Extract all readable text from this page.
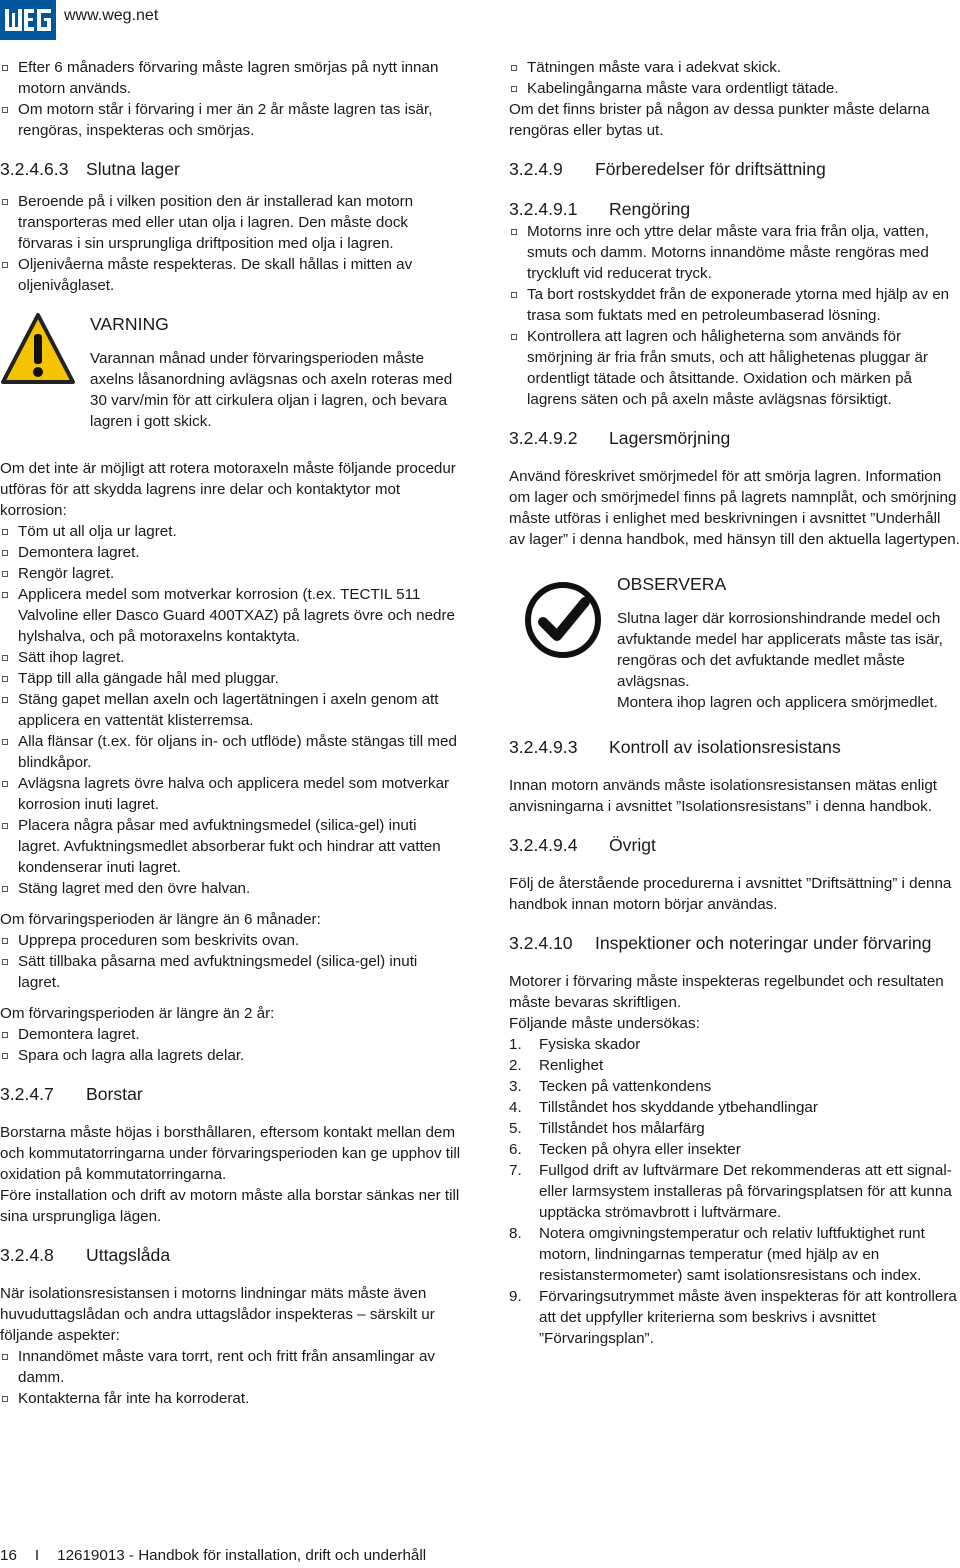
www.weg.net
Efter 6 månaders förvaring måste lagren smörjas på nytt innan motorn används.
Om motorn står i förvaring i mer än 2 år måste lagren tas isär, rengöras, inspekteras och smörjas.
3.2.4.6.3 Slutna lager
Beroende på i vilken position den är installerad kan motorn transporteras med eller utan olja i lagren. Den måste dock förvaras i sin ursprungliga driftposition med olja i lagren.
Oljenivåerna måste respekteras. De skall hållas i mitten av oljenivåglaset.
VARNING

Varannan månad under förvaringsperioden måste axelns låsanordning avlägsnas och axeln roteras med 30 varv/min för att cirkulera oljan i lagren, och bevara lagren i gott skick.

Om det inte är möjligt att rotera motoraxeln måste följande procedur utföras för att skydda lagrens inre delar och kontaktytor mot korrosion:

Töm ut all olja ur lagret.
Demontera lagret.
Rengör lagret.
Applicera medel som motverkar korrosion (t.ex. TECTIL 511 Valvoline eller Dasco Guard 400TXAZ) på lagrets övre och nedre hylshalva, och på motoraxelns kontaktyta.
Sätt ihop lagret.
Täpp till alla gängade hål med pluggar.
Stäng gapet mellan axeln och lagertätningen i axeln genom att applicera en vattentät klisterremsa.
Alla flänsar (t.ex. för oljans in- och utflöde) måste stängas till med blindkåpor.
Avlägsna lagrets övre halva och applicera medel som motverkar korrosion inuti lagret.
Placera några påsar med avfuktningsmedel (silica-gel) inuti lagret. Avfuktningsmedlet absorberar fukt och hindrar att vatten kondenserar inuti lagret.
Stäng lagret med den övre halvan.

Om förvaringsperioden är längre än 6 månader:

Upprepa proceduren som beskrivits ovan.
Sätt tillbaka påsarna med avfuktningsmedel (silica-gel) inuti lagret.

Om förvaringsperioden är längre än 2 år:

Demontera lagret.
Spara och lagra alla lagrets delar.
3.2.4.7 Borstar

Borstarna måste höjas i borsthållaren, eftersom kontakt mellan dem och kommutatorringarna under förvaringsperioden kan ge upphov till oxidation på kommutatorringarna.

Före installation och drift av motorn måste alla borstar sänkas ner till sina ursprungliga lägen.

3.2.4.8 Uttagslåda

När isolationsresistansen i motorns lindningar mäts måste även huvuduttagslådan och andra uttagslådor inspekteras – särskilt ur följande aspekter:

Innandömet måste vara torrt, rent och fritt från ansamlingar av damm.
Kontakterna får inte ha korroderat.
Tätningen måste vara i adekvat skick.
Kabelingångarna måste vara ordentligt tätade.

Om det finns brister på någon av dessa punkter måste delarna rengöras eller bytas ut.

3.2.4.9 Förberedelser för driftsättning
3.2.4.9.1 Rengöring
Motorns inre och yttre delar måste vara fria från olja, vatten, smuts och damm. Motorns innandöme måste rengöras med tryckluft vid reducerat tryck.
Ta bort rostskyddet från de exponerade ytorna med hjälp av en trasa som fuktats med en petroleumbaserad lösning.
Kontrollera att lagren och håligheterna som används för smörjning är fria från smuts, och att hålighetenas pluggar är ordentligt tätade och åtsittande. Oxidation och märken på lagrens säten och på axeln måste avlägsnas försiktigt.
3.2.4.9.2 Lagersmörjning

Använd föreskrivet smörjmedel för att smörja lagren. Information om lager och smörjmedel finns på lagrets namnplåt, och smörjning måste utföras i enlighet med beskrivningen i avsnittet ”Underhåll av lager” i denna handbok, med hänsyn till den aktuella lagertypen.

OBSERVERA

Slutna lager där korrosionshindrande medel och avfuktande medel har applicerats måste tas isär, rengöras och det avfuktande medlet måste avlägsnas.

Montera ihop lagren och applicera smörjmedlet.

3.2.4.9.3 Kontroll av isolationsresistans

Innan motorn används måste isolationsresistansen mätas enligt anvisningarna i avsnittet ”Isolationsresistans” i denna handbok.

3.2.4.9.4 Övrigt

Följ de återstående procedurerna i avsnittet ”Driftsättning” i denna handbok innan motorn börjar användas.

3.2.4.10 Inspektioner och noteringar under förvaring

Motorer i förvaring måste inspekteras regelbundet och resultaten måste bevaras skriftligen.

Följande måste undersökas:

1. Fysiska skador
2. Renlighet
3. Tecken på vattenkondens
4. Tillståndet hos skyddande ytbehandlingar
5. Tillståndet hos målarfärg
6. Tecken på ohyra eller insekter
7. Fullgod drift av luftvärmare Det rekommenderas att ett signal- eller larmsystem installeras på förvaringsplatsen för att kunna upptäcka strömavbrott i luftvärmare.
8. Notera omgivningstemperatur och relativ luftfuktighet runt motorn, lindningarnas temperatur (med hjälp av en resistanstermometer) samt isolationsresistans och index.
9. Förvaringsutrymmet måste även inspekteras för att kontrollera att det uppfyller kriterierna som beskrivs i avsnittet ”Förvaringsplan”.
16 I 12619013 - Handbok för installation, drift och underhåll
